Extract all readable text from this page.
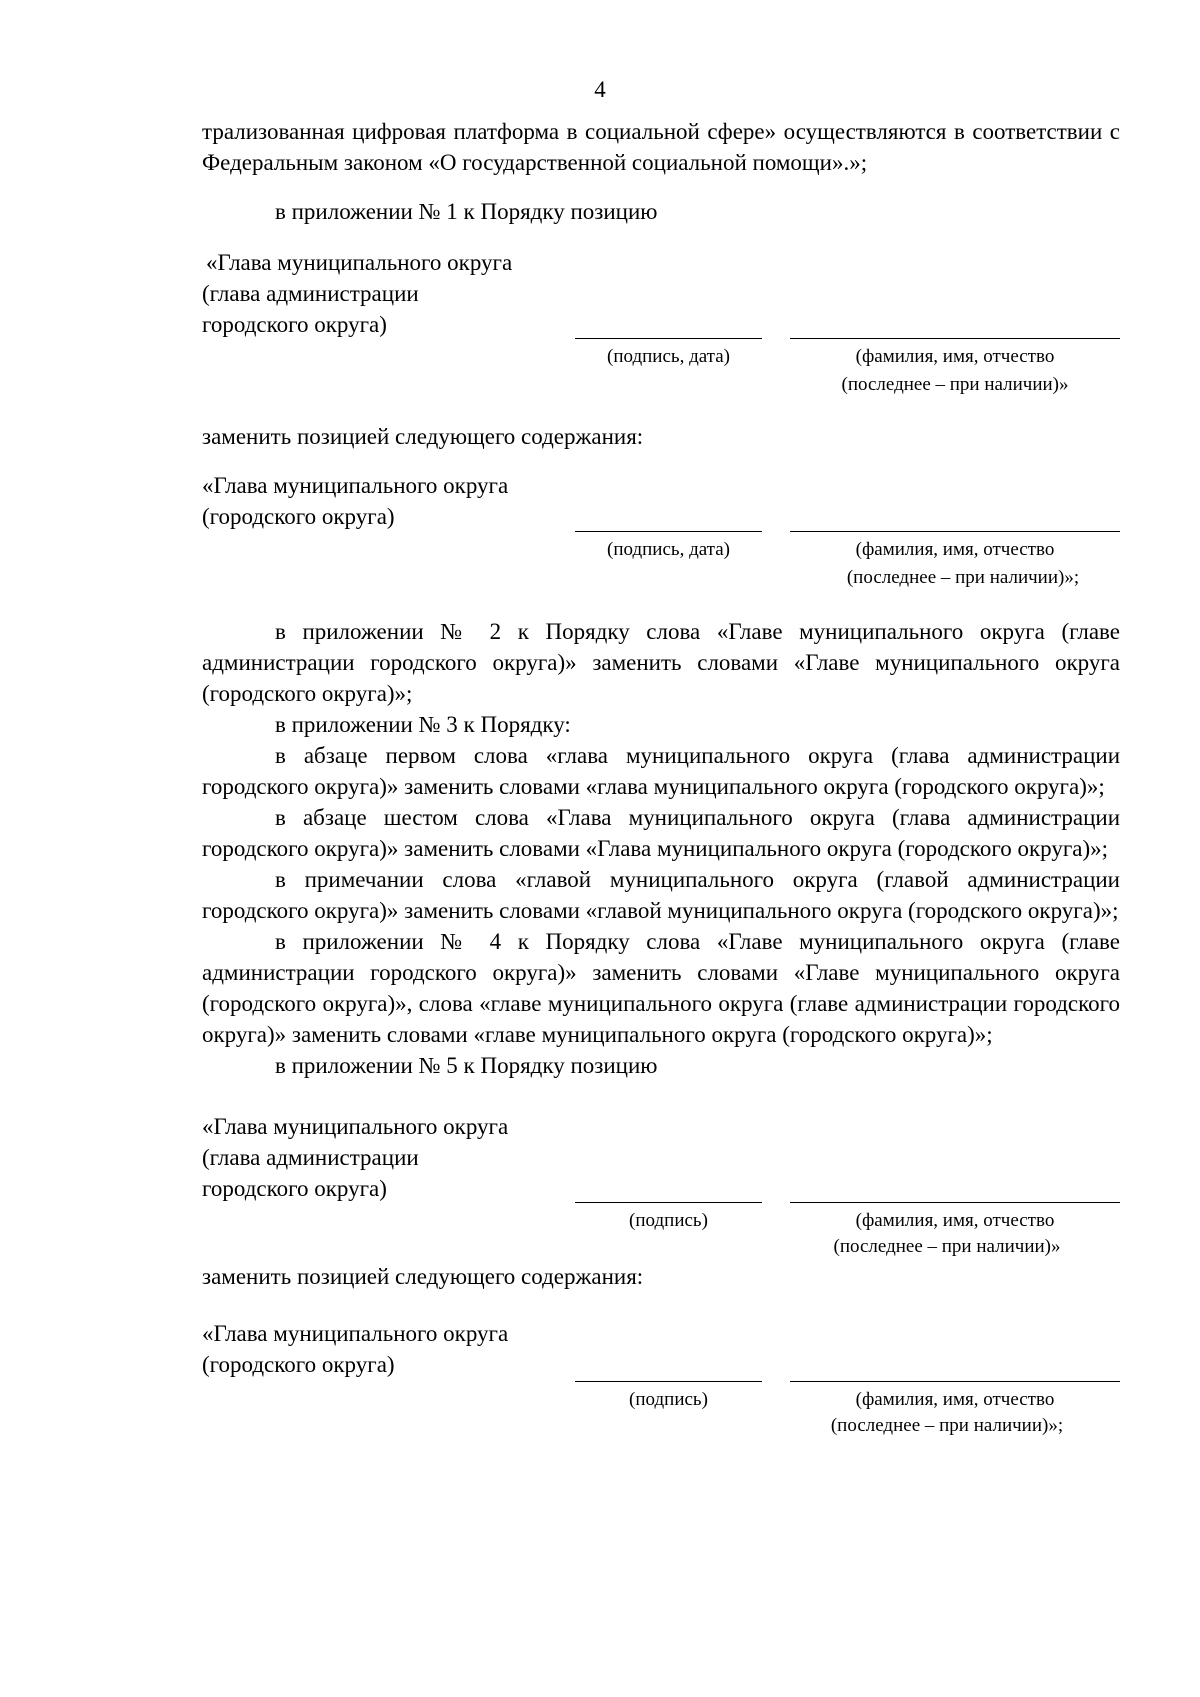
4

трализованная цифровая платформа в социальной сфере» осуществляются в соответствии с Федеральным законом «О государственной социальной помощи».»;

в приложении № 1 к Порядку позицию

«Глава муниципального округа
(глава администрации
городского округа)
(подпись, дата)	(фамилия, имя, отчество
(последнее – при наличии)»

заменить позицией следующего содержания:

«Глава муниципального округа
(городского округа)
(подпись, дата)	(фамилия, имя, отчество
(последнее – при наличии)»;

в приложении № 2 к Порядку слова «Главе муниципального округа (главе администрации городского округа)» заменить словами «Главе муниципального округа (городского округа)»;

в приложении № 3 к Порядку:

в абзаце первом слова «глава муниципального округа (глава администрации городского округа)» заменить словами «глава муниципального округа (городского округа)»;

в абзаце шестом слова «Глава муниципального округа (глава администрации городского округа)» заменить словами «Глава муниципального округа (городского округа)»;

в примечании слова «главой муниципального округа (главой администрации городского округа)» заменить словами «главой муниципального округа (городского округа)»;

в приложении № 4 к Порядку слова «Главе муниципального округа (главе администрации городского округа)» заменить словами «Главе муниципального округа (городского округа)», слова «главе муниципального округа (главе администрации городского округа)» заменить словами «главе муниципального округа (городского округа)»;

в приложении № 5 к Порядку позицию

«Глава муниципального округа
(глава администрации
городского округа)
(подпись)	(фамилия, имя, отчество
(последнее – при наличии)»

заменить позицией следующего содержания:

«Глава муниципального округа
(городского округа)
(подпись)	(фамилия, имя, отчество
(последнее – при наличии)»;
